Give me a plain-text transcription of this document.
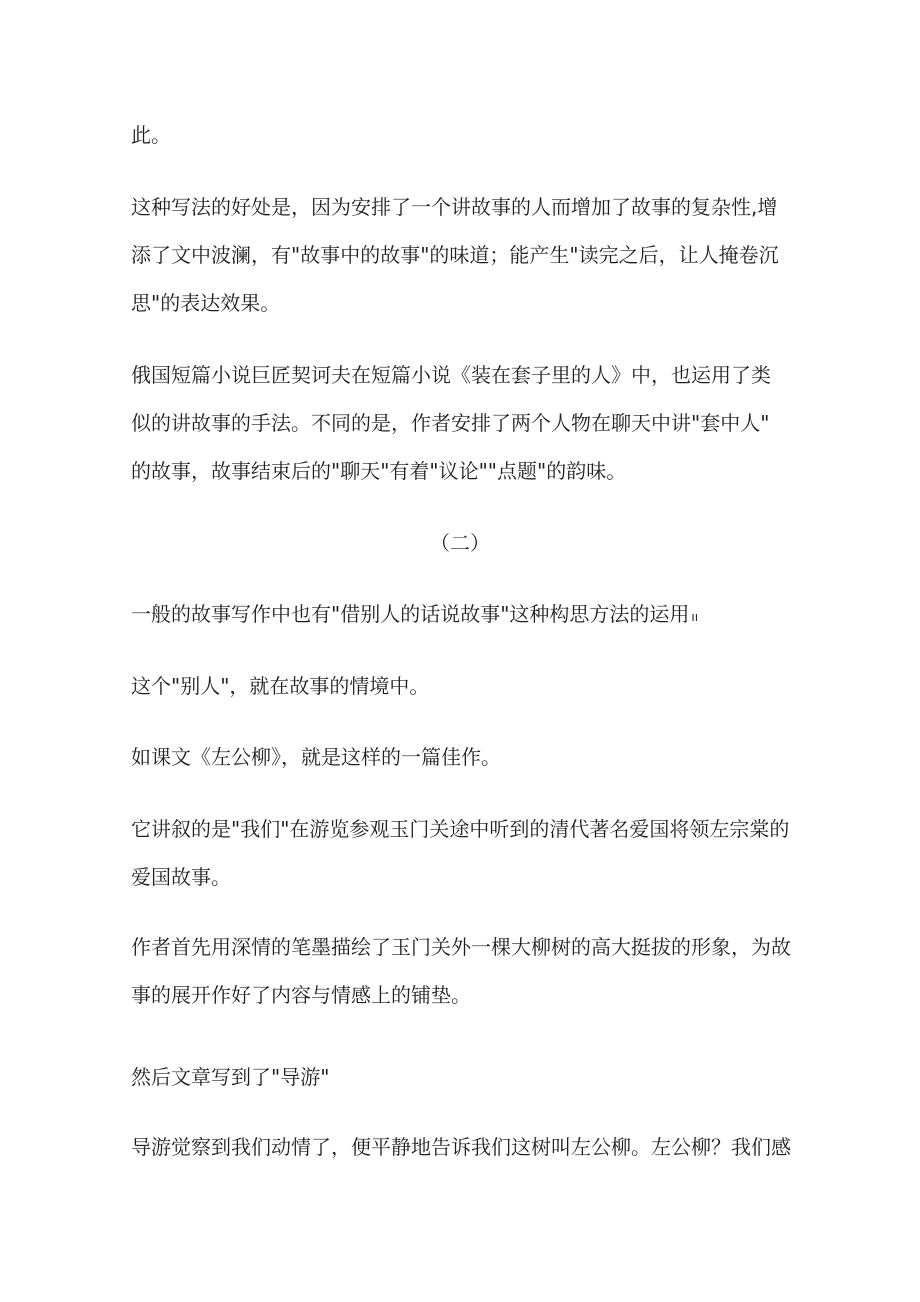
此。
这种写法的好处是，因为安排了一个讲故事的人而增加了故事的复杂性,增
添了文中波澜，有"故事中的故事"的味道；能产生"读完之后，让人掩卷沉
思"的表达效果。
俄国短篇小说巨匠契诃夫在短篇小说《装在套子里的人》中，也运用了类
似的讲故事的手法。不同的是，作者安排了两个人物在聊天中讲"套中人"
的故事，故事结束后的"聊天"有着"议论""点题"的韵味。
（二）
一般的故事写作中也有"借别人的话说故事"这种构思方法的运用 ıı
这个"别人"，就在故事的情境中。
如课文《左公柳》，就是这样的一篇佳作。
它讲叙的是"我们"在游览参观玉门关途中听到的清代著名爱国将领左宗棠的
爱国故事。
作者首先用深情的笔墨描绘了玉门关外一棵大柳树的高大挺拔的形象，为故
事的展开作好了内容与情感上的铺垫。
然后文章写到了"导游"
导游觉察到我们动情了，便平静地告诉我们这树叫左公柳。左公柳？我们感
